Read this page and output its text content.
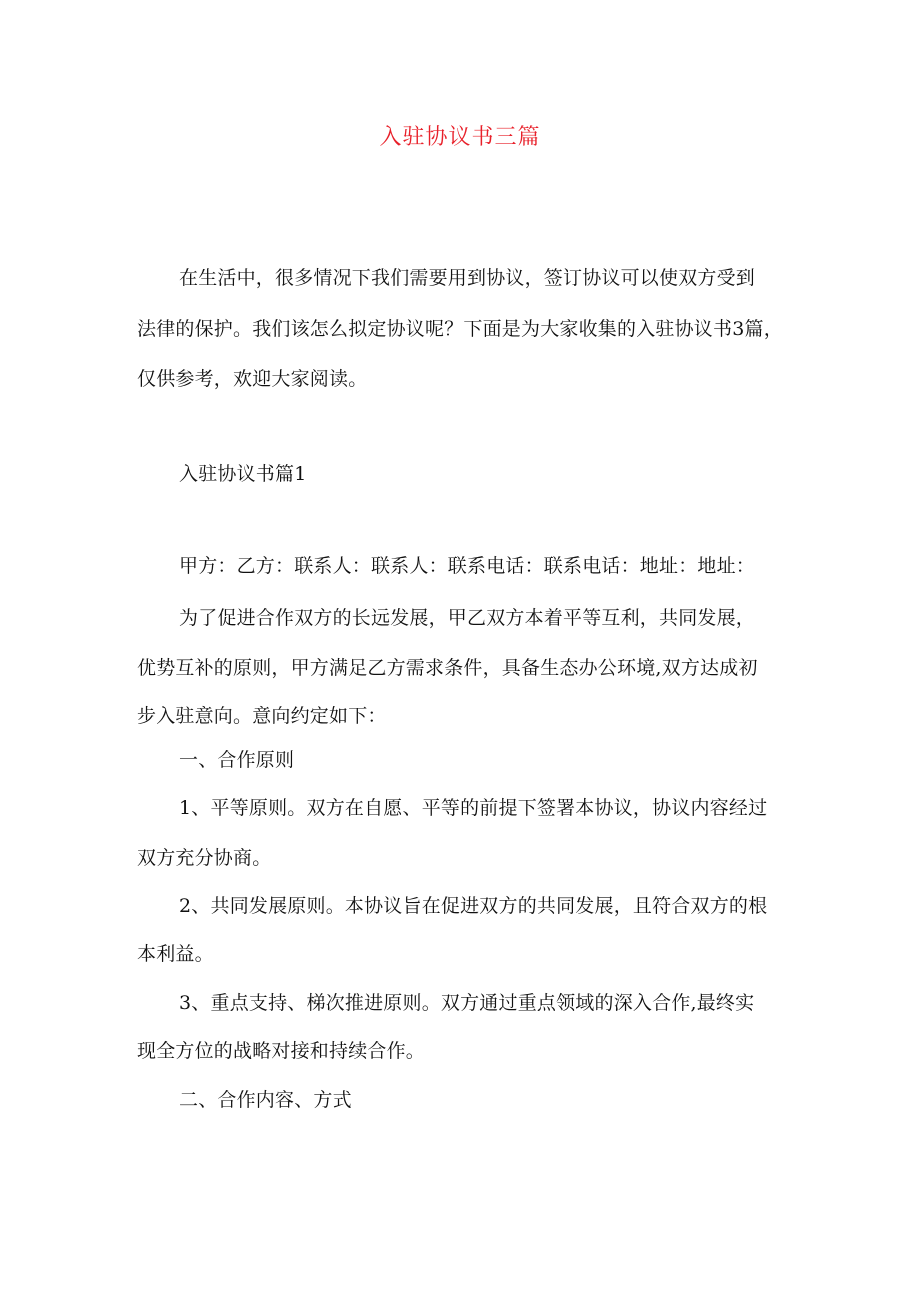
入驻协议书三篇
在生活中，很多情况下我们需要用到协议，签订协议可以使双方受到
法律的保护。我们该怎么拟定协议呢？下面是为大家收集的入驻协议书3篇，
仅供参考，欢迎大家阅读。
入驻协议书篇1
甲方：乙方：联系人：联系人：联系电话：联系电话：地址：地址：
为了促进合作双方的长远发展，甲乙双方本着平等互利，共同发展，
优势互补的原则，甲方满足乙方需求条件，具备生态办公环境,双方达成初
步入驻意向。意向约定如下：
一、合作原则
1、平等原则。双方在自愿、平等的前提下签署本协议，协议内容经过
双方充分协商。
2、共同发展原则。本协议旨在促进双方的共同发展，且符合双方的根
本利益。
3、重点支持、梯次推进原则。双方通过重点领域的深入合作,最终实
现全方位的战略对接和持续合作。
二、合作内容、方式
